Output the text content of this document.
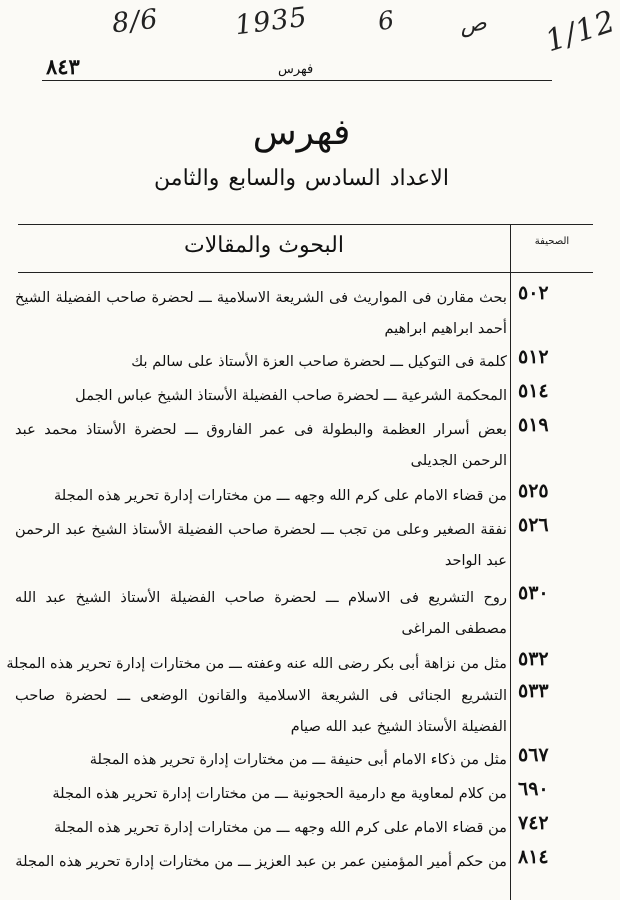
1/12
8/6	1935	6	ص
٨٤٣	فهرس
فهرس
الاعداد السادس والسابع والثامن
الصحيفة
البحوث والمقالات
٥٠٢
بحث مقارن فى المواريث فى الشريعة الاسلامية ـــ لحضرة صاحب الفضيلة الشيخ أحمد ابراهيم ابراهيم
٥١٢
كلمة فى التوكيل ـــ لحضرة صاحب العزة الأستاذ على سالم بك
٥١٤
المحكمة الشرعية ـــ لحضرة صاحب الفضيلة الأستاذ الشيخ عباس الجمل
٥١٩
بعض أسرار العظمة والبطولة فى عمر الفاروق ـــ لحضرة الأستاذ محمد عبد الرحمن الجديلى
٥٢٥
من قضاء الامام على كرم الله وجهه ـــ من مختارات إدارة تحرير هذه المجلة
٥٢٦
نفقة الصغير وعلى من تجب ـــ لحضرة صاحب الفضيلة الأستاذ الشيخ عبد الرحمن عبد الواحد
٥٣٠
روح التشريع فى الاسلام ـــ لحضرة صاحب الفضيلة الأستاذ الشيخ عبد الله مصطفى المراغى
٥٣٢
مثل من نزاهة أبى بكر رضى الله عنه وعفته ـــ من مختارات إدارة تحرير هذه المجلة
٥٣٣
التشريع الجنائى فى الشريعة الاسلامية والقانون الوضعى ـــ لحضرة صاحب الفضيلة الأستاذ الشيخ عبد الله صيام
٥٦٧
مثل من ذكاء الامام أبى حنيفة ـــ من مختارات إدارة تحرير هذه المجلة
٦٩٠
من كلام لمعاوية مع دارمية الحجونية ـــ من مختارات إدارة تحرير هذه المجلة
٧٤٢
من قضاء الامام على كرم الله وجهه ـــ من مختارات إدارة تحرير هذه المجلة
٨١٤
من حكم أمير المؤمنين عمر بن عبد العزيز ـــ من مختارات إدارة تحرير هذه المجلة
